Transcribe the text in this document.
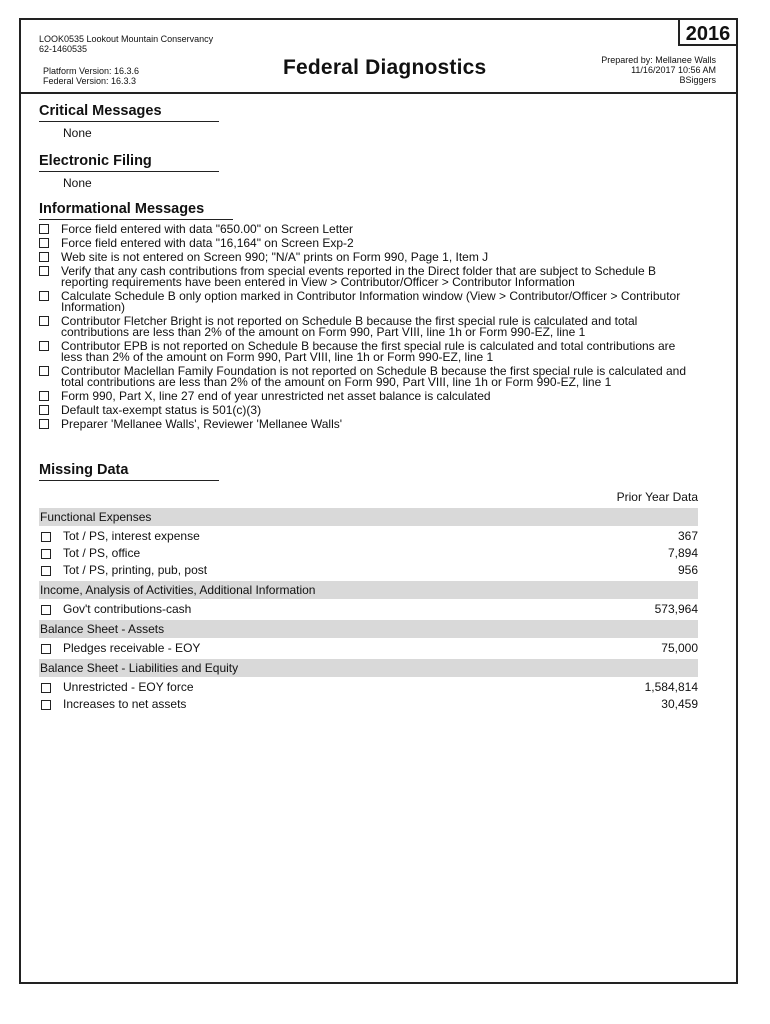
LOOK0535 Lookout Mountain Conservancy
62-1460535
Platform Version: 16.3.6
Federal Version: 16.3.3
Federal Diagnostics
2016
Prepared by: Mellanee Walls
11/16/2017 10:56 AM
BSiggers
Critical Messages
None
Electronic Filing
None
Informational Messages
Force field entered with data "650.00" on Screen Letter
Force field entered with data "16,164" on Screen Exp-2
Web site is not entered on Screen 990; "N/A" prints on Form 990, Page 1, Item J
Verify that any cash contributions from special events reported in the Direct folder that are subject to Schedule B reporting requirements have been entered in View > Contributor/Officer > Contributor Information
Calculate Schedule B only option marked in Contributor Information window (View > Contributor/Officer > Contributor Information)
Contributor Fletcher Bright is not reported on Schedule B because the first special rule is calculated and total contributions are less than 2% of the amount on Form 990, Part VIII, line 1h or Form 990-EZ, line 1
Contributor EPB is not reported on Schedule B because the first special rule is calculated and total contributions are less than 2% of the amount on Form 990, Part VIII, line 1h or Form 990-EZ, line 1
Contributor Maclellan Family Foundation is not reported on Schedule B because the first special rule is calculated and total contributions are less than 2% of the amount on Form 990, Part VIII, line 1h or Form 990-EZ, line 1
Form 990, Part X, line 27 end of year unrestricted net asset balance is calculated
Default tax-exempt status is 501(c)(3)
Preparer 'Mellanee Walls', Reviewer 'Mellanee Walls'
Missing Data
Prior Year Data
Functional Expenses
Tot / PS, interest expense	367
Tot / PS, office	7,894
Tot / PS, printing, pub, post	956
Income, Analysis of Activities, Additional Information
Gov't contributions-cash	573,964
Balance Sheet - Assets
Pledges receivable - EOY	75,000
Balance Sheet - Liabilities and Equity
Unrestricted - EOY force	1,584,814
Increases to net assets	30,459
